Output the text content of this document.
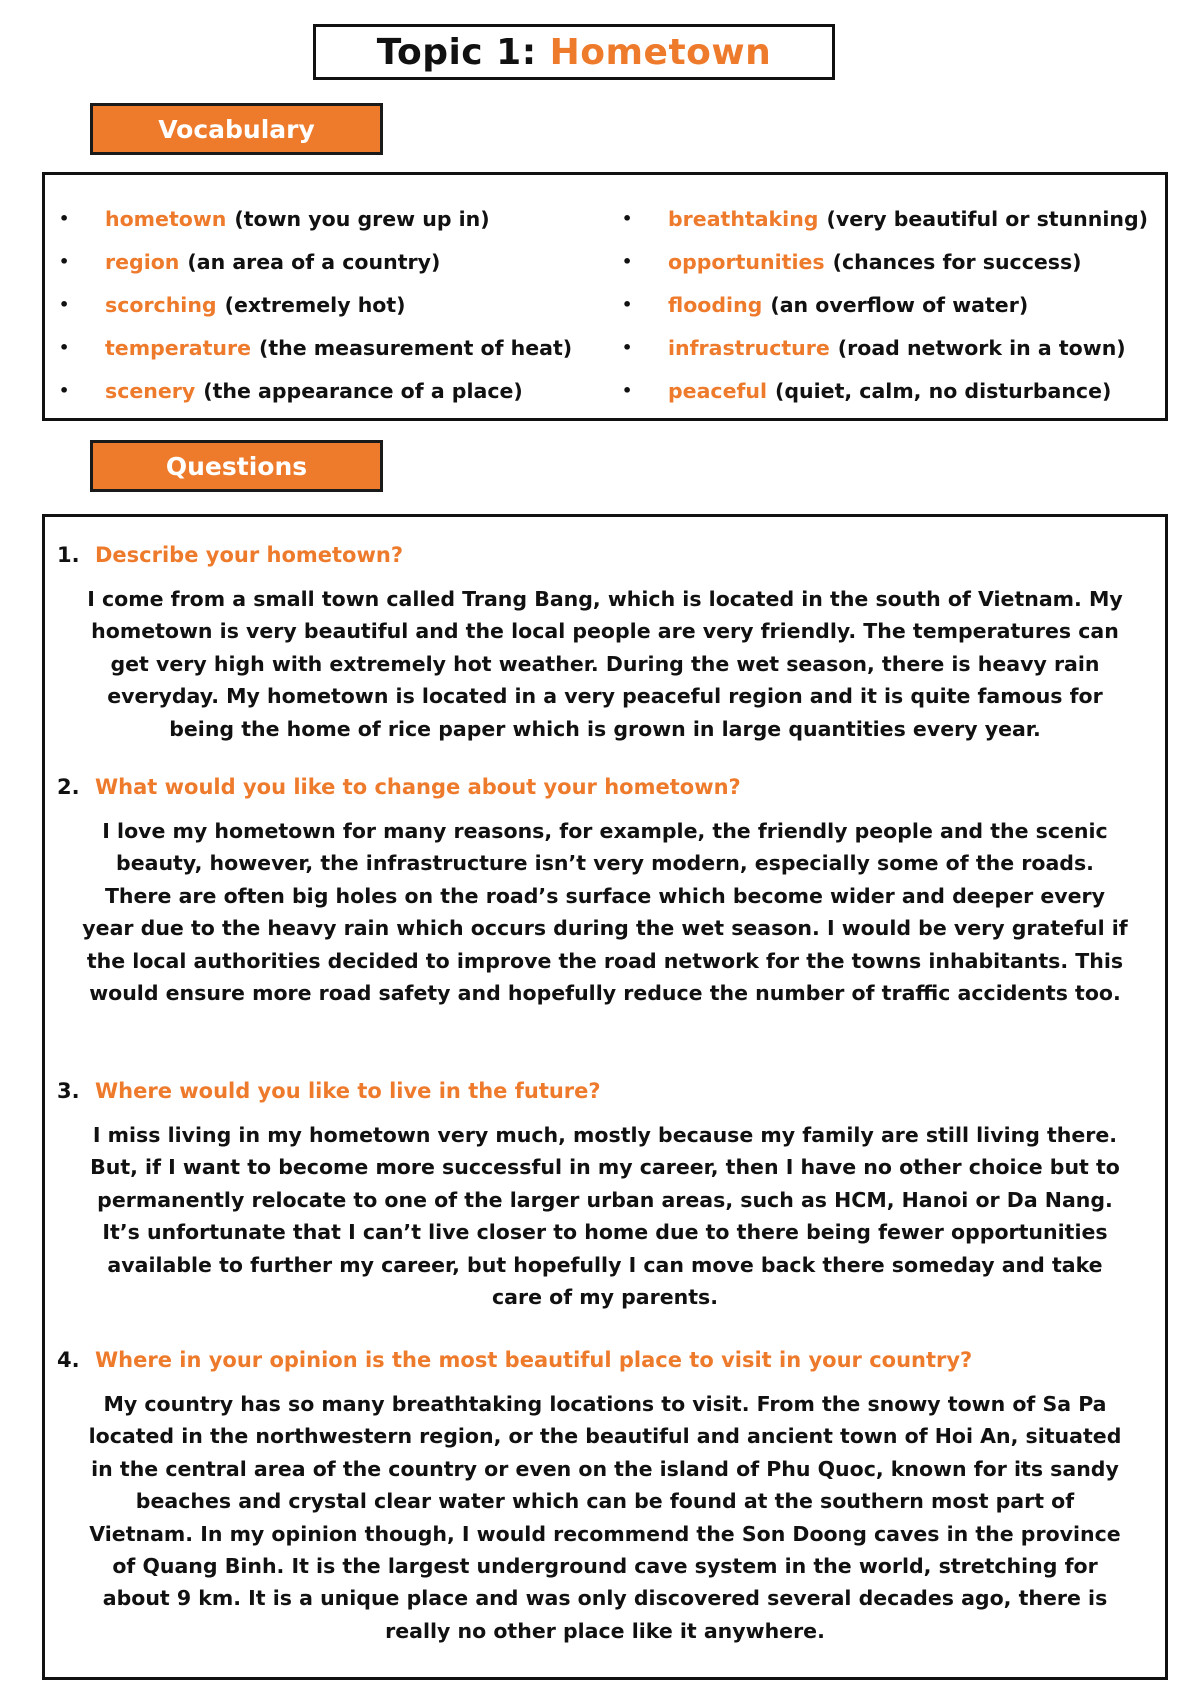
Topic 1:
Hometown
Vocabulary
•	hometown (town you grew up in)
•	region (an area of a country)
•	scorching (extremely hot)
•	temperature (the measurement of heat)
•	scenery (the appearance of a place)
•	breathtaking (very beautiful or stunning)
•	opportunities (chances for success)
•	flooding (an overflow of water)
•	infrastructure (road network in a town)
•	peaceful (quiet, calm, no disturbance)
Questions
1. Describe your hometown?

I come from a small town called Trang Bang, which is located in the south of Vietnam. My hometown is very beautiful and the local people are very friendly. The temperatures can get very high with extremely hot weather. During the wet season, there is heavy rain everyday. My hometown is located in a very peaceful region and it is quite famous for being the home of rice paper which is grown in large quantities every year.

2. What would you like to change about your hometown?

I love my hometown for many reasons, for example, the friendly people and the scenic beauty, however, the infrastructure isn’t very modern, especially some of the roads. There are often big holes on the road’s surface which become wider and deeper every year due to the heavy rain which occurs during the wet season. I would be very grateful if the local authorities decided to improve the road network for the towns inhabitants. This would ensure more road safety and hopefully reduce the number of traffic accidents too.

3. Where would you like to live in the future?

I miss living in my hometown very much, mostly because my family are still living there. But, if I want to become more successful in my career, then I have no other choice but to permanently relocate to one of the larger urban areas, such as HCM, Hanoi or Da Nang. It’s unfortunate that I can’t live closer to home due to there being fewer opportunities available to further my career, but hopefully I can move back there someday and take care of my parents.

4. Where in your opinion is the most beautiful place to visit in your country?

My country has so many breathtaking locations to visit. From the snowy town of Sa Pa located in the northwestern region, or the beautiful and ancient town of Hoi An, situated in the central area of the country or even on the island of Phu Quoc, known for its sandy beaches and crystal clear water which can be found at the southern most part of Vietnam. In my opinion though, I would recommend the Son Doong caves in the province of Quang Binh. It is the largest underground cave system in the world, stretching for about 9 km. It is a unique place and was only discovered several decades ago, there is really no other place like it anywhere.
